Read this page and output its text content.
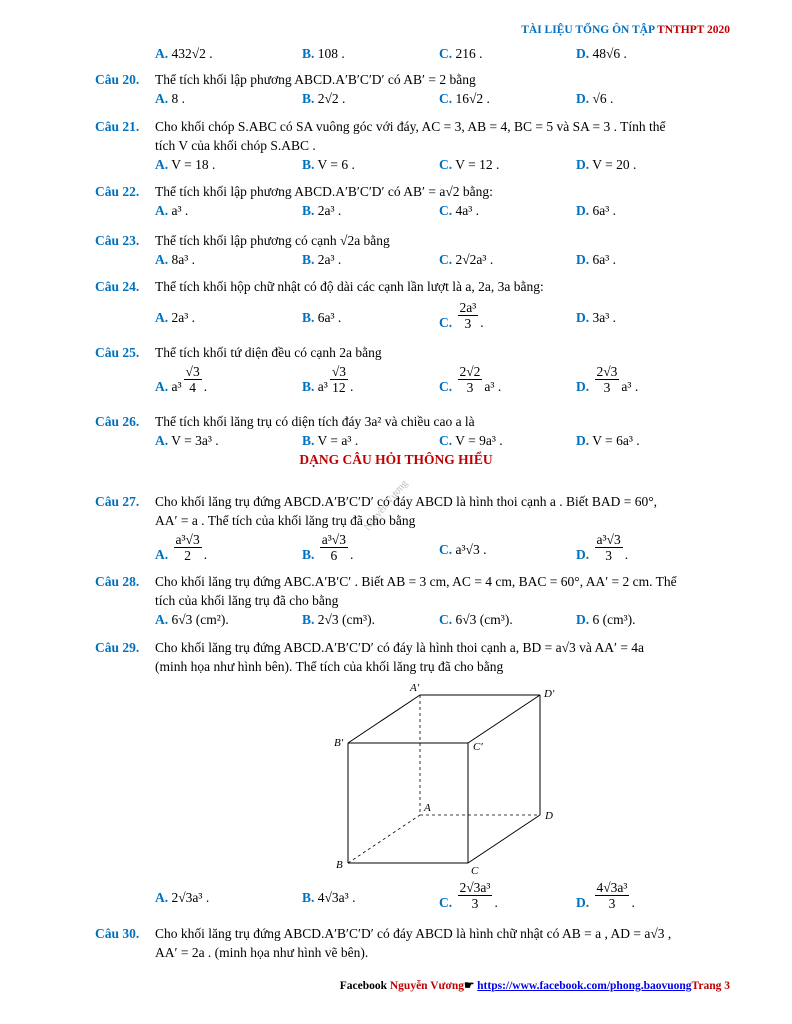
TÀI LIỆU TỔNG ÔN TẬP TNTHPT 2020
A. 432√2 .	B. 108 .	C. 216 .	D. 48√6 .
Câu 20. Thể tích khối lập phương ABCD.A′B′C′D′ có AB′ = 2 bằng
A. 8 .	B. 2√2 .	C. 16√2 .	D. √6 .
Câu 21. Cho khối chóp S.ABC có SA vuông góc với đáy, AC = 3, AB = 4, BC = 5 và SA = 3 . Tính thể
tích V của khối chóp S.ABC .
A. V = 18 .	B. V = 6 .	C. V = 12 .	D. V = 20 .
Câu 22. Thể tích khối lập phương ABCD.A′B′C′D′ có AB′ = a√2 bằng:
A. a³ .	B. 2a³ .	C. 4a³ .	D. 6a³ .
Câu 23. Thể tích khối lập phương có cạnh √2a bằng
A. 8a³ .	B. 2a³ .	C. 2√2a³ .	D. 6a³ .
Câu 24. Thể tích khối hộp chữ nhật có độ dài các cạnh lần lượt là a, 2a, 3a bằng:
A. 2a³ .	B. 6a³ .	C. $\frac{\text{2a³}}{3}$ .	D. 3a³ .
Câu 25. Thể tích khối tứ diện đều có cạnh 2a bằng
A. $a^3 \frac{√3}{4}$ .	B. $a^3 \frac{√3}{12}$ .	C. $\frac{2√2}{3} a^3$ .	D. $\frac{2√3}{3} a^3$ .
Câu 26. Thể tích khối lăng trụ có diện tích đáy 3a² và chiều cao a là
A. V = 3a³ .	B. V = a³ .	C. V = 9a³ .	D. V = 6a³ .
DẠNG CÂU HỎI THÔNG HIỂU
Nguyễn Vương
Câu 27. Cho khối lăng trụ đứng ABCD.A′B′C′D′ có đáy ABCD là hình thoi cạnh a . Biết BAD = 60°,
AA′ = a . Thể tích của khối lăng trụ đã cho bằng
A. $\frac{\text{a³√3}}{2}$ .	B. $\frac{\text{a³√3}}{6}$ .	C. a³√3 .	D. $\frac{\text{a³√3}}{3}$ .
Câu 28. Cho khối lăng trụ đứng ABC.A′B′C′ . Biết AB = 3 cm, AC = 4 cm, BAC = 60°, AA′ = 2 cm. Thể
tích của khối lăng trụ đã cho bằng
A. 6√3 (cm²).	B. 2√3 (cm³).	C. 6√3 (cm³).	D. 6 (cm³).
Câu 29. Cho khối lăng trụ đứng ABCD.A′B′C′D′ có đáy là hình thoi cạnh a, BD = a√3 và AA′ = 4a
(minh họa như hình bên). Thể tích của khối lăng trụ đã cho bằng
A′	D′
B′	C′
A
D
B	C
A. 2√3a³ .	B. 4√3a³ .	C. $\frac{\text{2√3a³}}{3}$ .	D. $\frac{\text{4√3a³}}{3}$ .
Câu 30. Cho khối lăng trụ đứng ABCD.A′B′C′D′ có đáy ABCD là hình chữ nhật có AB = a , AD = a√3 ,
AA′ = 2a . (minh họa như hình vẽ bên).
Facebook Nguyễn Vương☛ https://www.facebook.com/phong.baovuongTrang 3
